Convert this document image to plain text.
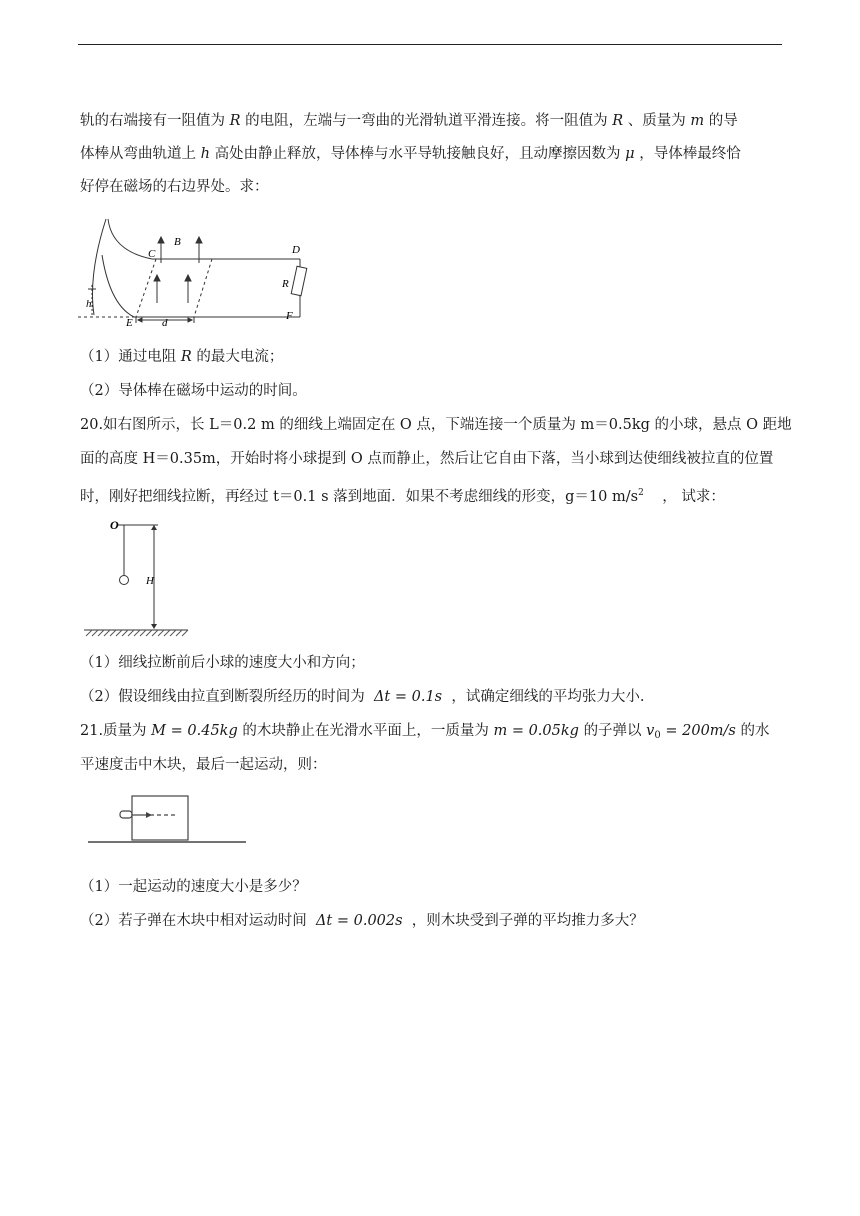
轨的右端接有一阻值为 R 的电阻，左端与一弯曲的光滑轨道平滑连接。将一阻值为 R 、质量为 m 的导
体棒从弯曲轨道上 h 高处由静止释放，导体棒与水平导轨接触良好，且动摩擦因数为 μ ，导体棒最终恰
好停在磁场的右边界处。求：
C
B
D
R
h
E	d
F
（1）通过电阻 R 的最大电流；
（2）导体棒在磁场中运动的时间。
20.如右图所示，长 L＝0.2 m 的细线上端固定在 O 点，下端连接一个质量为 m＝0.5kg 的小球，悬点 O 距地
面的高度 H＝0.35m，开始时将小球提到 O 点而静止，然后让它自由下落，当小球到达使细线被拉直的位置
时，刚好把细线拉断，再经过 t＝0.1 s 落到地面．如果不考虑细线的形变，g＝10 $m/s^2$ ， 试求：
O
H
（1）细线拉断前后小球的速度大小和方向；
（2）假设细线由拉直到断裂所经历的时间为 Δt = 0.1s ，试确定细线的平均张力大小.
21.质量为 M = 0.45kg 的木块静止在光滑水平面上，一质量为 m = 0.05kg 的子弹以 $v_0 = 200m/s$ 的水
平速度击中木块，最后一起运动，则：
（1）一起运动的速度大小是多少？
（2）若子弹在木块中相对运动时间 Δt = 0.002s ，则木块受到子弹的平均推力多大？
